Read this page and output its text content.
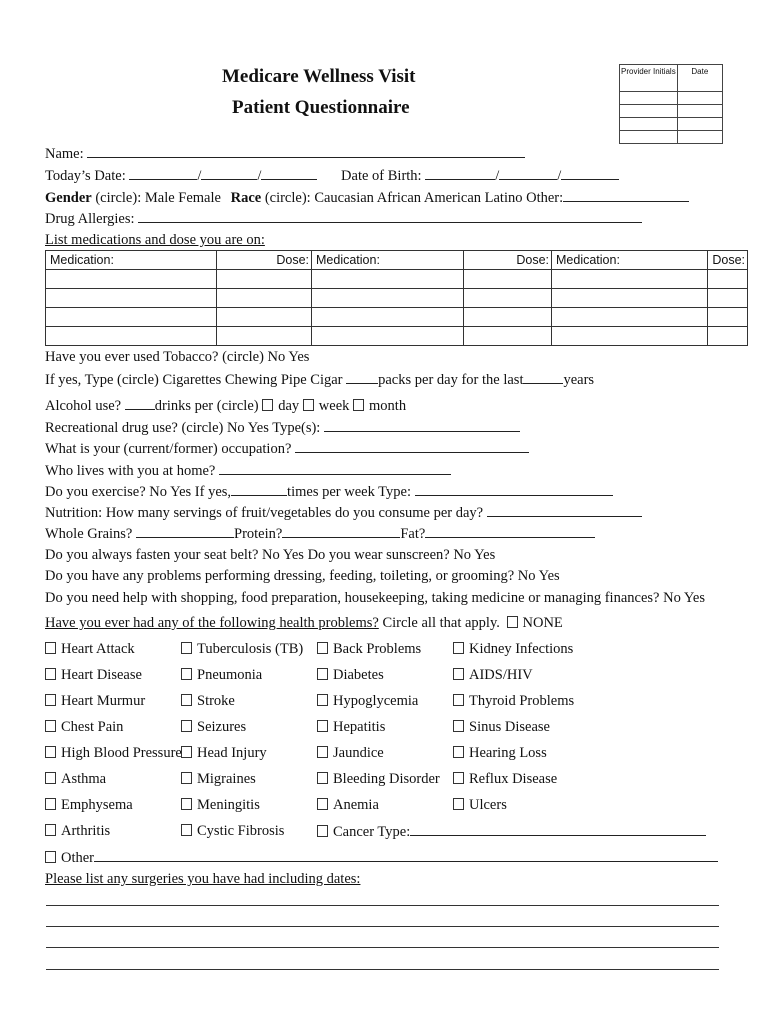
Medicare Wellness Visit
Patient Questionnaire
Provider Initials	Date

Name:
Today’s Date:	/	/	Date of Birth:	/	/
Gender (circle): Male Female Race (circle): Caucasian African American Latino Other:
Drug Allergies:
List medications and dose you are on:
Medication:	Dose:	Medication:	Dose:	Medication:	Dose:

Have you ever used Tobacco? (circle) No Yes
If yes, Type (circle) Cigarettes Chewing Pipe Cigar packs per day for the last	years
Alcohol use? drinks per (circle) day week month
Recreational drug use? (circle) No Yes Type(s):
What is your (current/former) occupation?
Who lives with you at home?
Do you exercise? No Yes If yes,	times per week Type:
Nutrition: How many servings of fruit/vegetables do you consume per day?
Whole Grains?	Protein?	Fat?
Do you always fasten your seat belt? No Yes Do you wear sunscreen? No Yes
Do you have any problems performing dressing, feeding, toileting, or grooming? No Yes
Do you need help with shopping, food preparation, housekeeping, taking medicine or managing finances? No Yes
Have you ever had any of the following health problems? Circle all that apply. NONE
Heart Attack	Tuberculosis (TB)	Back Problems	Kidney Infections
Heart Disease	Pneumonia	Diabetes	AIDS/HIV
Heart Murmur	Stroke	Hypoglycemia	Thyroid Problems
Chest Pain	Seizures	Hepatitis	Sinus Disease
High Blood Pressure	Head Injury	Jaundice	Hearing Loss
Asthma	Migraines	Bleeding Disorder	Reflux Disease
Emphysema	Meningitis	Anemia	Ulcers
Arthritis	Cystic Fibrosis	Cancer Type:
Other
Please list any surgeries you have had including dates:
